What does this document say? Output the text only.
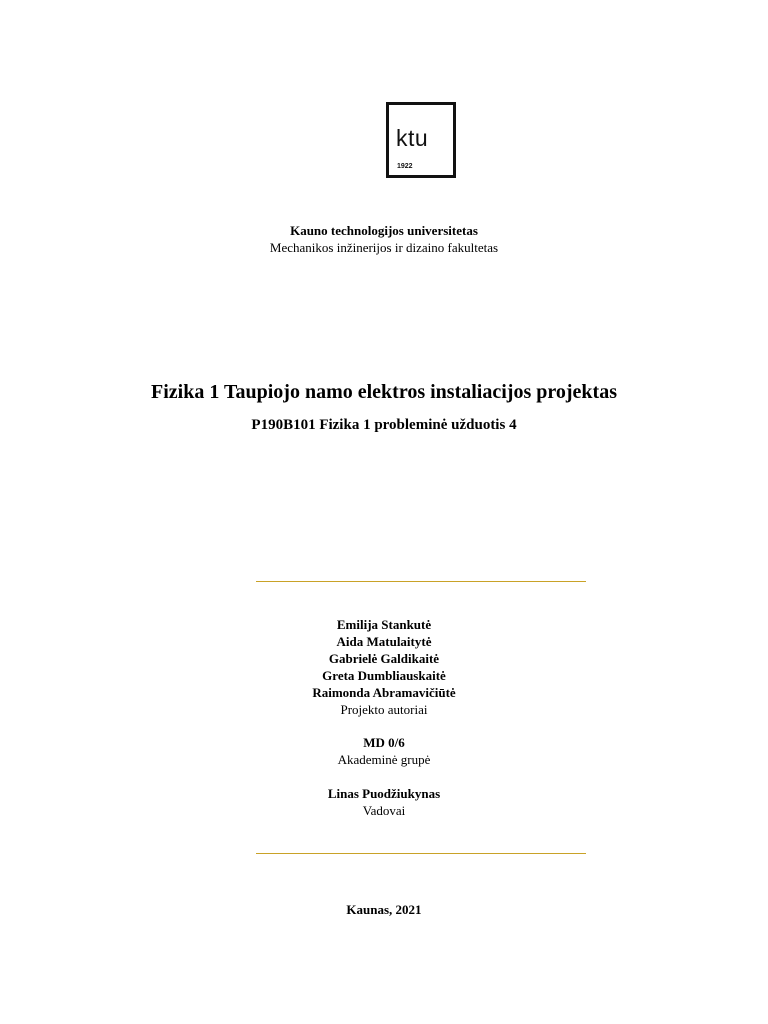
ktu
1922
Kauno technologijos universitetas
Mechanikos inžinerijos ir dizaino fakultetas
Fizika 1 Taupiojo namo elektros instaliacijos projektas
P190B101 Fizika 1 probleminė užduotis 4
Emilija Stankutė
Aida Matulaitytė
Gabrielė Galdikaitė
Greta Dumbliauskaitė
Raimonda Abramavičiūtė
Projekto autoriai
MD 0/6
Akademinė grupė
Linas Puodžiukynas
Vadovai
Kaunas, 2021
